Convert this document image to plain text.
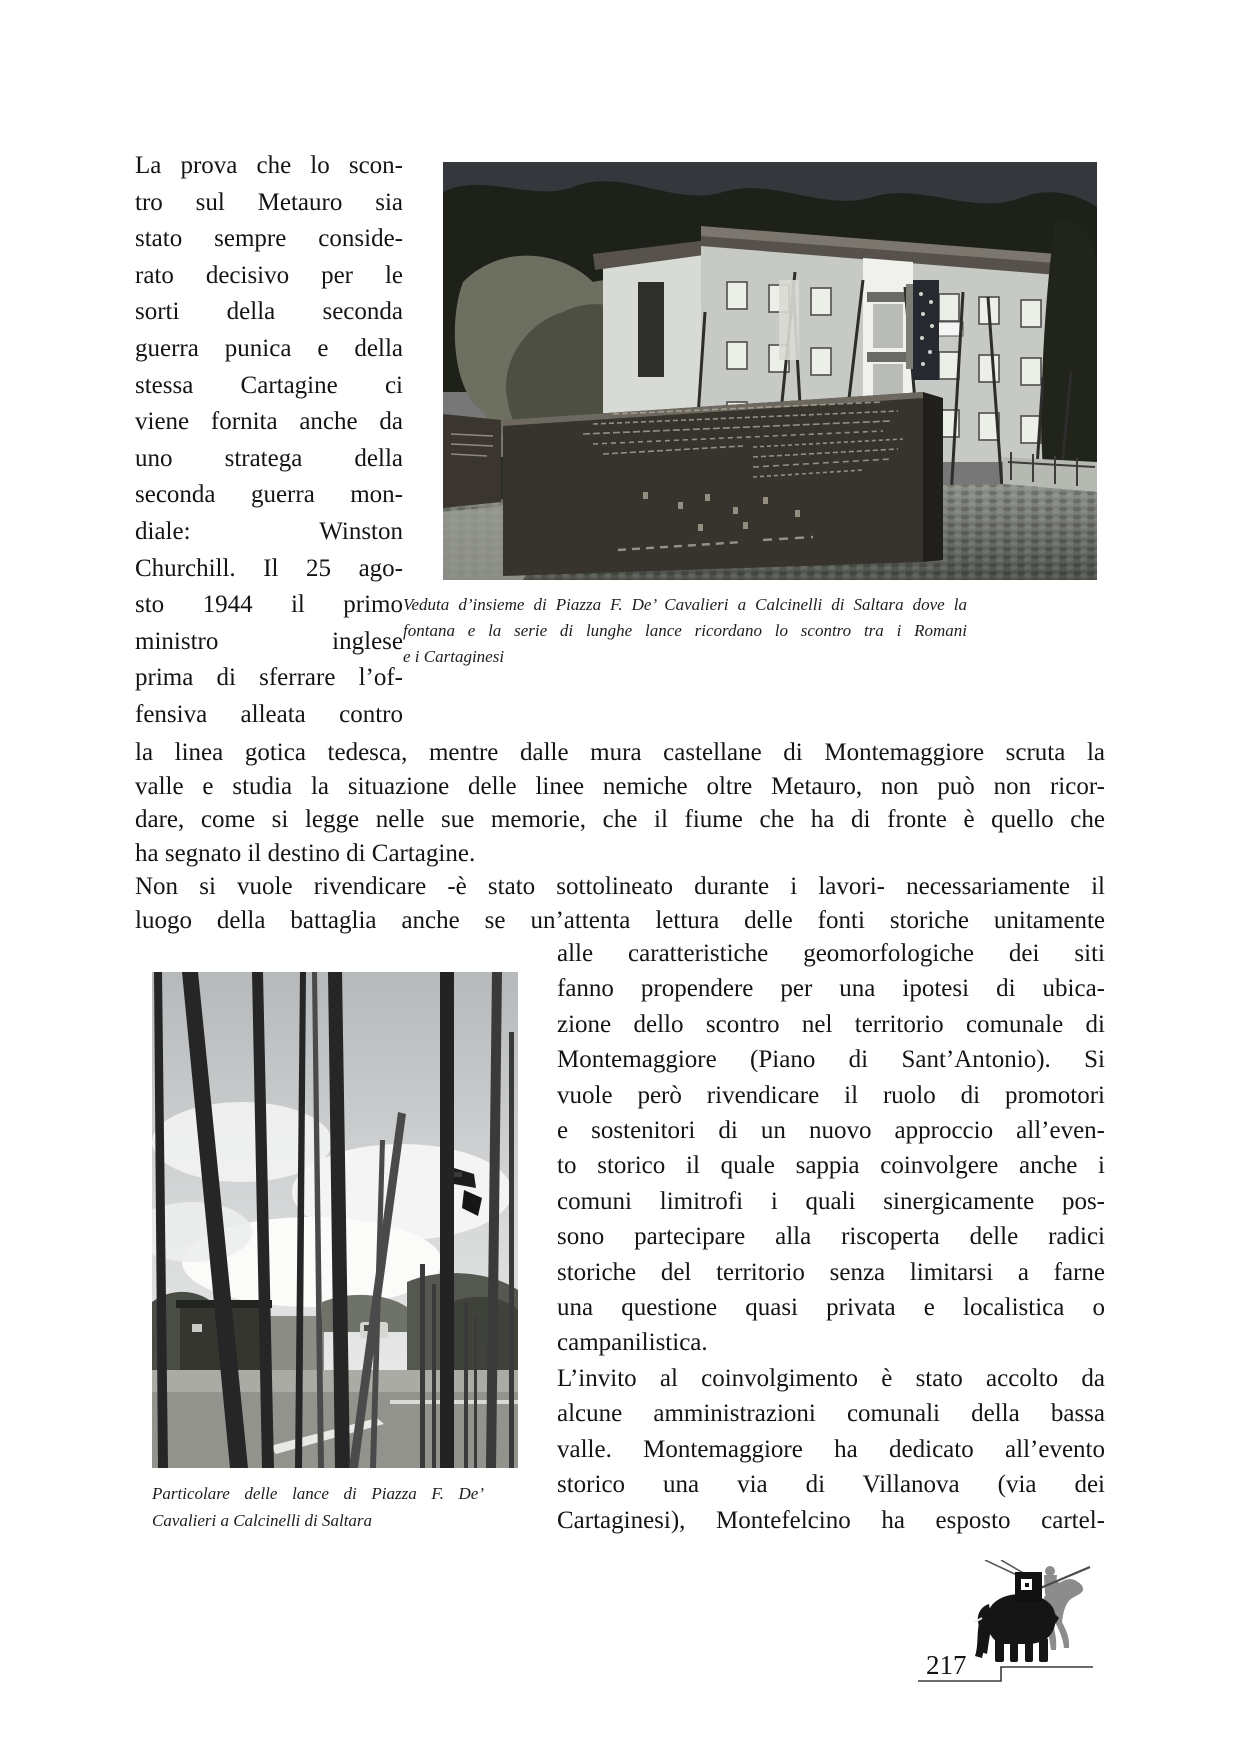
La prova che lo scon-
tro sul Metauro sia
stato sempre conside-
rato decisivo per le
sorti della seconda
guerra punica e della
stessa Cartagine ci
viene fornita anche da
uno stratega della
seconda guerra mon-
diale: Winston
Churchill. Il 25 ago-
sto 1944 il primo
ministro inglese
prima di sferrare l’of-
fensiva alleata contro
Veduta d’insieme di Piazza F. De’ Cavalieri a Calcinelli di Saltara dove la
fontana e la serie di lunghe lance ricordano lo scontro tra i Romani
e i Cartaginesi
la linea gotica tedesca, mentre dalle mura castellane di Montemaggiore scruta la
valle e studia la situazione delle linee nemiche oltre Metauro, non può non ricor-
dare, come si legge nelle sue memorie, che il fiume che ha di fronte è quello che
ha segnato il destino di Cartagine.
Non si vuole rivendicare -è stato sottolineato durante i lavori- necessariamente il
luogo della battaglia anche se un’attenta lettura delle fonti storiche unitamente
Particolare delle lance di Piazza F. De’
Cavalieri a Calcinelli di Saltara
alle caratteristiche geomorfologiche dei siti
fanno propendere per una ipotesi di ubica-
zione dello scontro nel territorio comunale di
Montemaggiore (Piano di Sant’Antonio). Si
vuole però rivendicare il ruolo di promotori
e sostenitori di un nuovo approccio all’even-
to storico il quale sappia coinvolgere anche i
comuni limitrofi i quali sinergicamente pos-
sono partecipare alla riscoperta delle radici
storiche del territorio senza limitarsi a farne
una questione quasi privata e localistica o
campanilistica.
L’invito al coinvolgimento è stato accolto da
alcune amministrazioni comunali della bassa
valle. Montemaggiore ha dedicato all’evento
storico una via di Villanova (via dei
Cartaginesi), Montefelcino ha esposto cartel-
217
